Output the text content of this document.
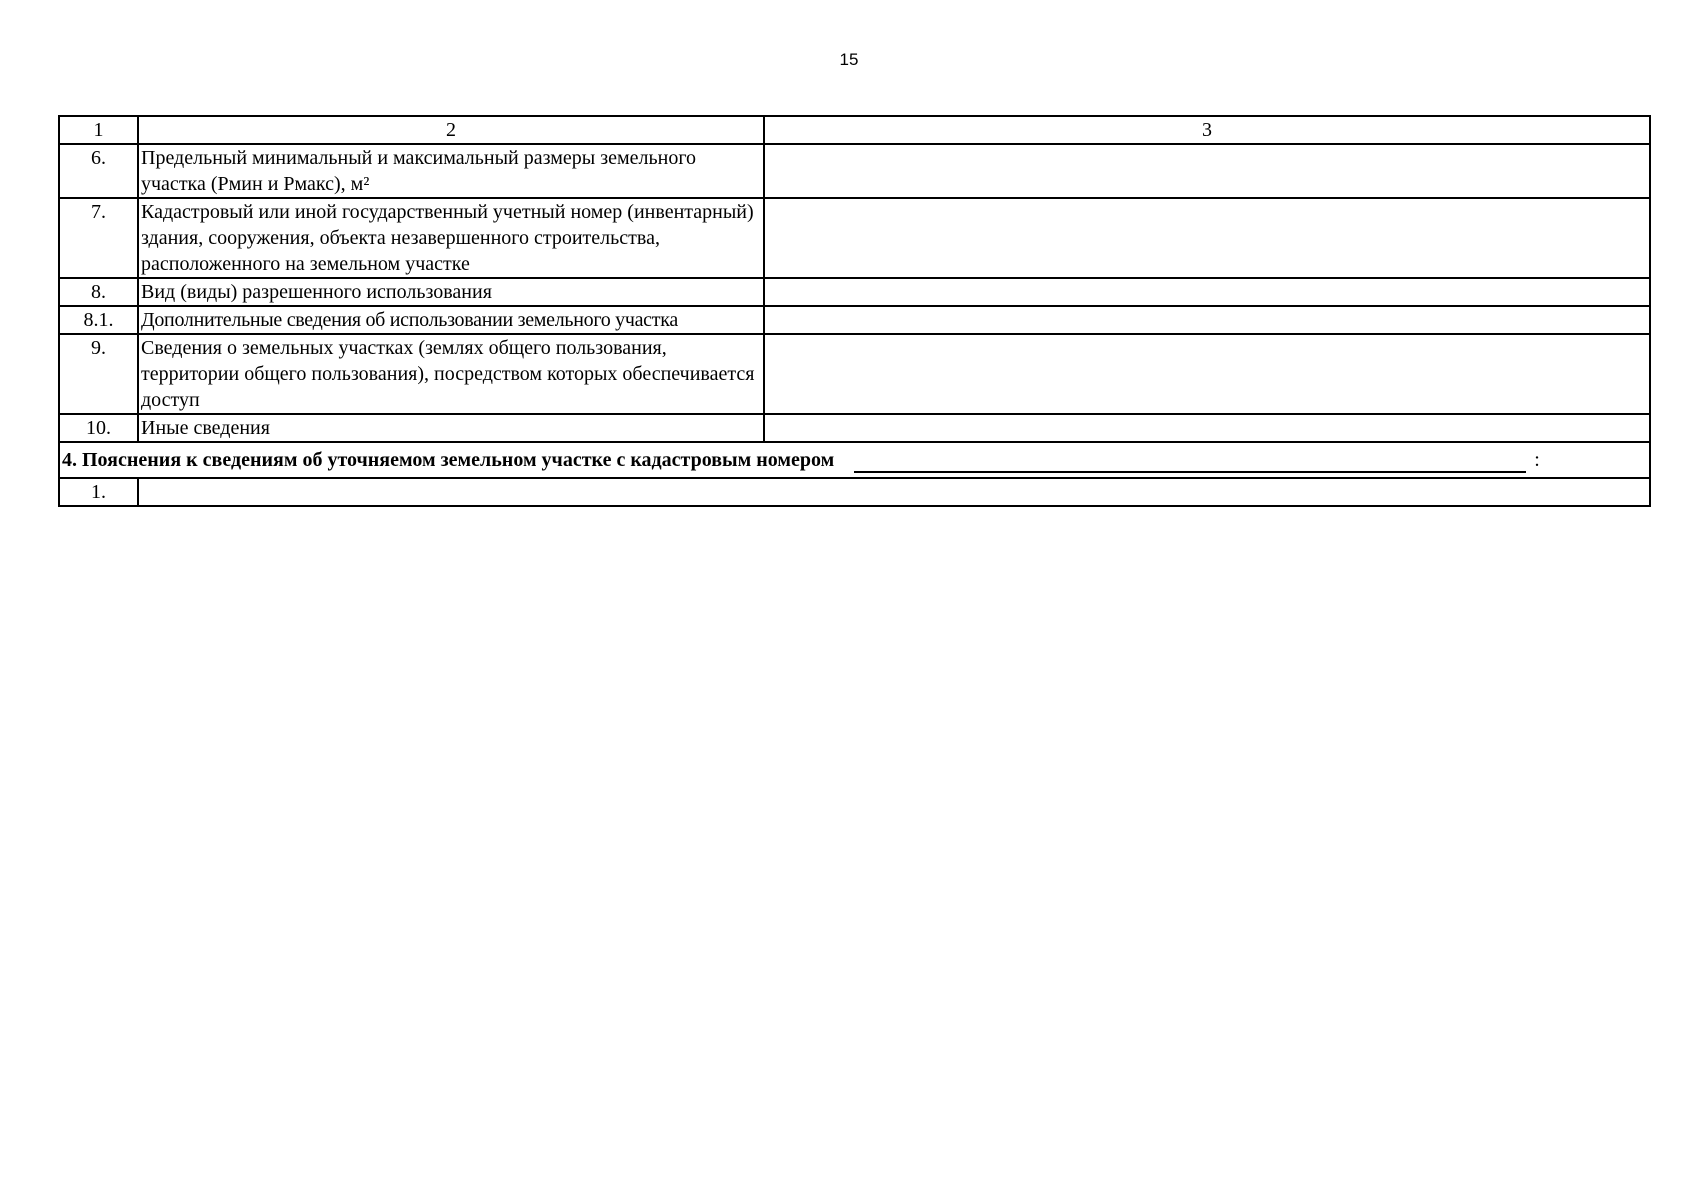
15
1	2	3
6.	Предельный минимальный и максимальный размеры земельного участка (Рмин и Рмакс), м²	
7.	Кадастровый или иной государственный учетный номер (инвентарный) здания, сооружения, объекта незавершенного строительства, расположенного на земельном участке	
8.	Вид (виды) разрешенного использования	
8.1.	Дополнительные сведения об использовании земельного участка	
9.	Сведения о земельных участках (землях общего пользования, территории общего пользования), посредством которых обеспечивается доступ	
10.	Иные сведения	

4. Пояснения к сведениям об уточняемом земельном участке с кадастровым номером :		

1.		
